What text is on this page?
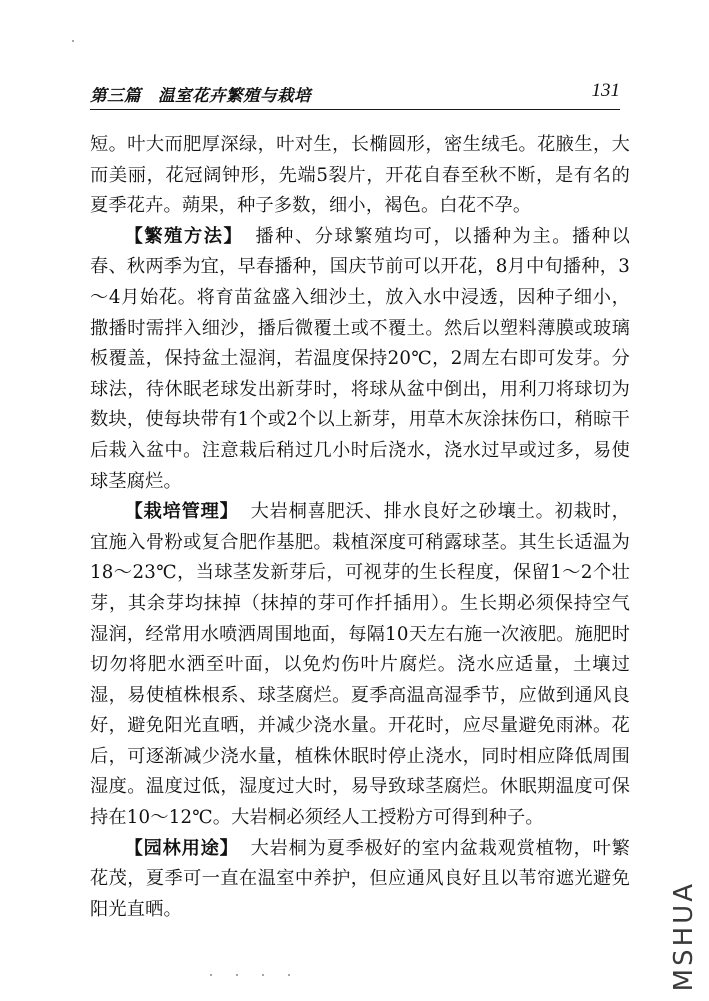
第三篇　温室花卉繁殖与栽培	131

短。叶大而肥厚深绿，叶对生，长椭圆形，密生绒毛。花腋生，大而美丽，花冠阔钟形，先端5裂片，开花自春至秋不断，是有名的夏季花卉。蒴果，种子多数，细小，褐色。白花不孕。

【繁殖方法】 播种、分球繁殖均可，以播种为主。播种以春、秋两季为宜，早春播种，国庆节前可以开花，8月中旬播种，3～4月始花。将育苗盆盛入细沙土，放入水中浸透，因种子细小，撒播时需拌入细沙，播后微覆土或不覆土。然后以塑料薄膜或玻璃板覆盖，保持盆土湿润，若温度保持20℃，2周左右即可发芽。分球法，待休眠老球发出新芽时，将球从盆中倒出，用利刀将球切为数块，使每块带有1个或2个以上新芽，用草木灰涂抹伤口，稍晾干后栽入盆中。注意栽后稍过几小时后浇水，浇水过早或过多，易使球茎腐烂。

【栽培管理】 大岩桐喜肥沃、排水良好之砂壤土。初栽时，宜施入骨粉或复合肥作基肥。栽植深度可稍露球茎。其生长适温为18～23℃，当球茎发新芽后，可视芽的生长程度，保留1～2个壮芽，其余芽均抹掉（抹掉的芽可作扦插用）。生长期必须保持空气湿润，经常用水喷洒周围地面，每隔10天左右施一次液肥。施肥时切勿将肥水洒至叶面，以免灼伤叶片腐烂。浇水应适量，土壤过湿，易使植株根系、球茎腐烂。夏季高温高湿季节，应做到通风良好，避免阳光直晒，并减少浇水量。开花时，应尽量避免雨淋。花后，可逐渐减少浇水量，植株休眠时停止浇水，同时相应降低周围湿度。温度过低，湿度过大时，易导致球茎腐烂。休眠期温度可保持在10～12℃。大岩桐必须经人工授粉方可得到种子。

【园林用途】 大岩桐为夏季极好的室内盆栽观赏植物，叶繁花茂，夏季可一直在温室中养护，但应通风良好且以苇帘遮光避免阳光直晒。	MSHUA
